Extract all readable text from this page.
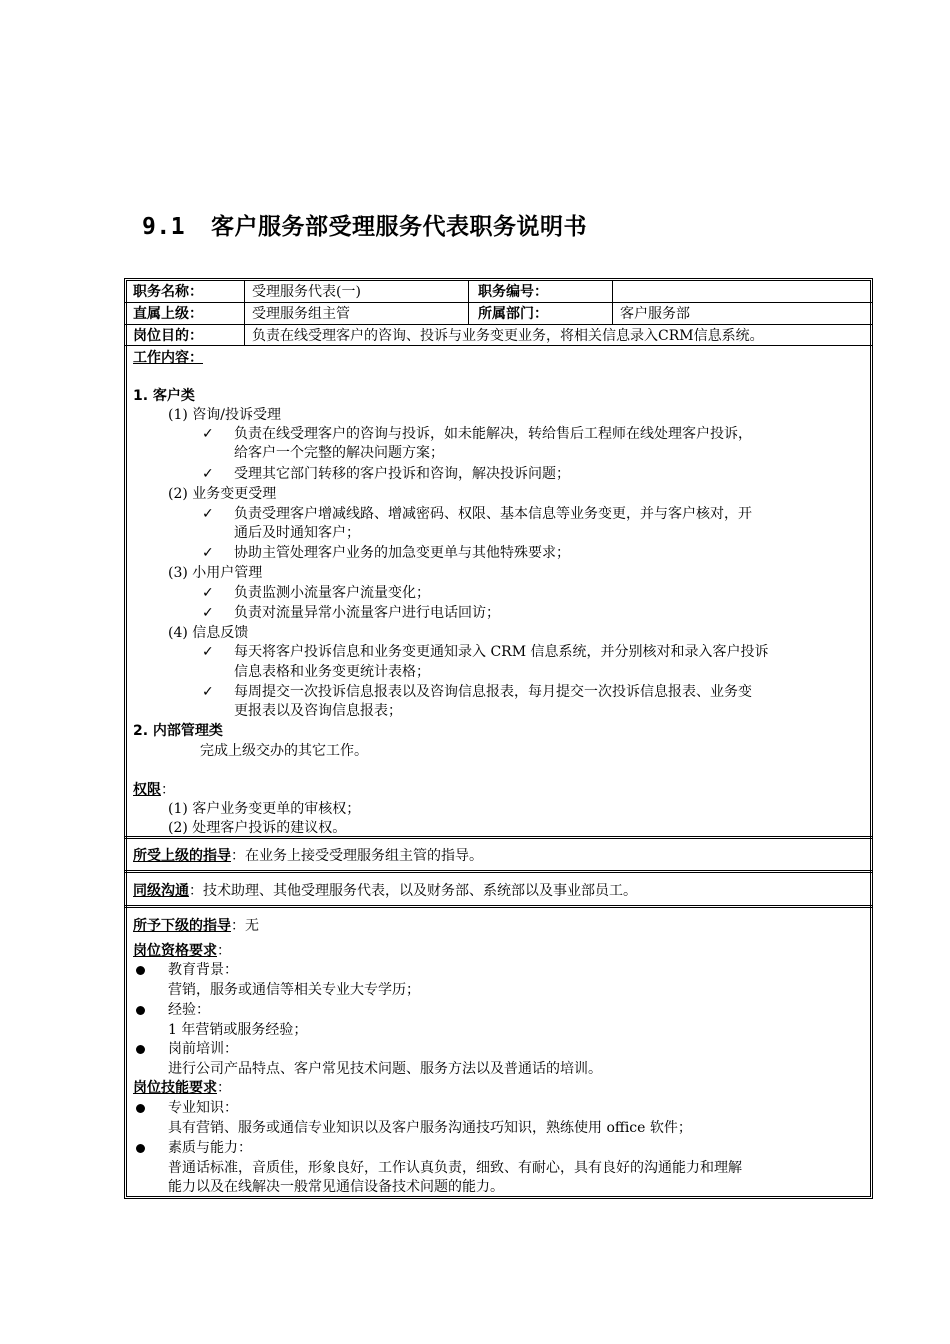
9.1 客户服务部受理服务代表职务说明书
职务名称：	受理服务代表(一)	职务编号：
直属上级：	受理服务组主管	所属部门：	客户服务部
岗位目的：	负责在线受理客户的咨询、投诉与业务变更业务，将相关信息录入CRM信息系统。
工作内容：
1. 客户类
(1) 咨询/投诉受理
✓ 负责在线受理客户的咨询与投诉，如未能解决，转给售后工程师在线处理客户投诉，
给客户一个完整的解决问题方案；
✓ 受理其它部门转移的客户投诉和咨询，解决投诉问题；
(2) 业务变更受理
✓ 负责受理客户增减线路、增减密码、权限、基本信息等业务变更，并与客户核对，开
通后及时通知客户；
✓ 协助主管处理客户业务的加急变更单与其他特殊要求；
(3) 小用户管理
✓ 负责监测小流量客户流量变化；
✓ 负责对流量异常小流量客户进行电话回访；
(4) 信息反馈
✓ 每天将客户投诉信息和业务变更通知录入 CRM 信息系统，并分别核对和录入客户投诉
信息表格和业务变更统计表格；
✓ 每周提交一次投诉信息报表以及咨询信息报表，每月提交一次投诉信息报表、业务变
更报表以及咨询信息报表；
2. 内部管理类
完成上级交办的其它工作。
权限：
(1) 客户业务变更单的审核权；
(2) 处理客户投诉的建议权。
所受上级的指导：在业务上接受受理服务组主管的指导。
同级沟通：技术助理、其他受理服务代表，以及财务部、系统部以及事业部员工。
所予下级的指导：无
岗位资格要求：
教育背景：
营销，服务或通信等相关专业大专学历；
经验：
1 年营销或服务经验；
岗前培训：
进行公司产品特点、客户常见技术问题、服务方法以及普通话的培训。
岗位技能要求：
专业知识：
具有营销、服务或通信专业知识以及客户服务沟通技巧知识，熟练使用 office 软件；
素质与能力：
普通话标准，音质佳，形象良好，工作认真负责，细致、有耐心，具有良好的沟通能力和理解
能力以及在线解决一般常见通信设备技术问题的能力。
